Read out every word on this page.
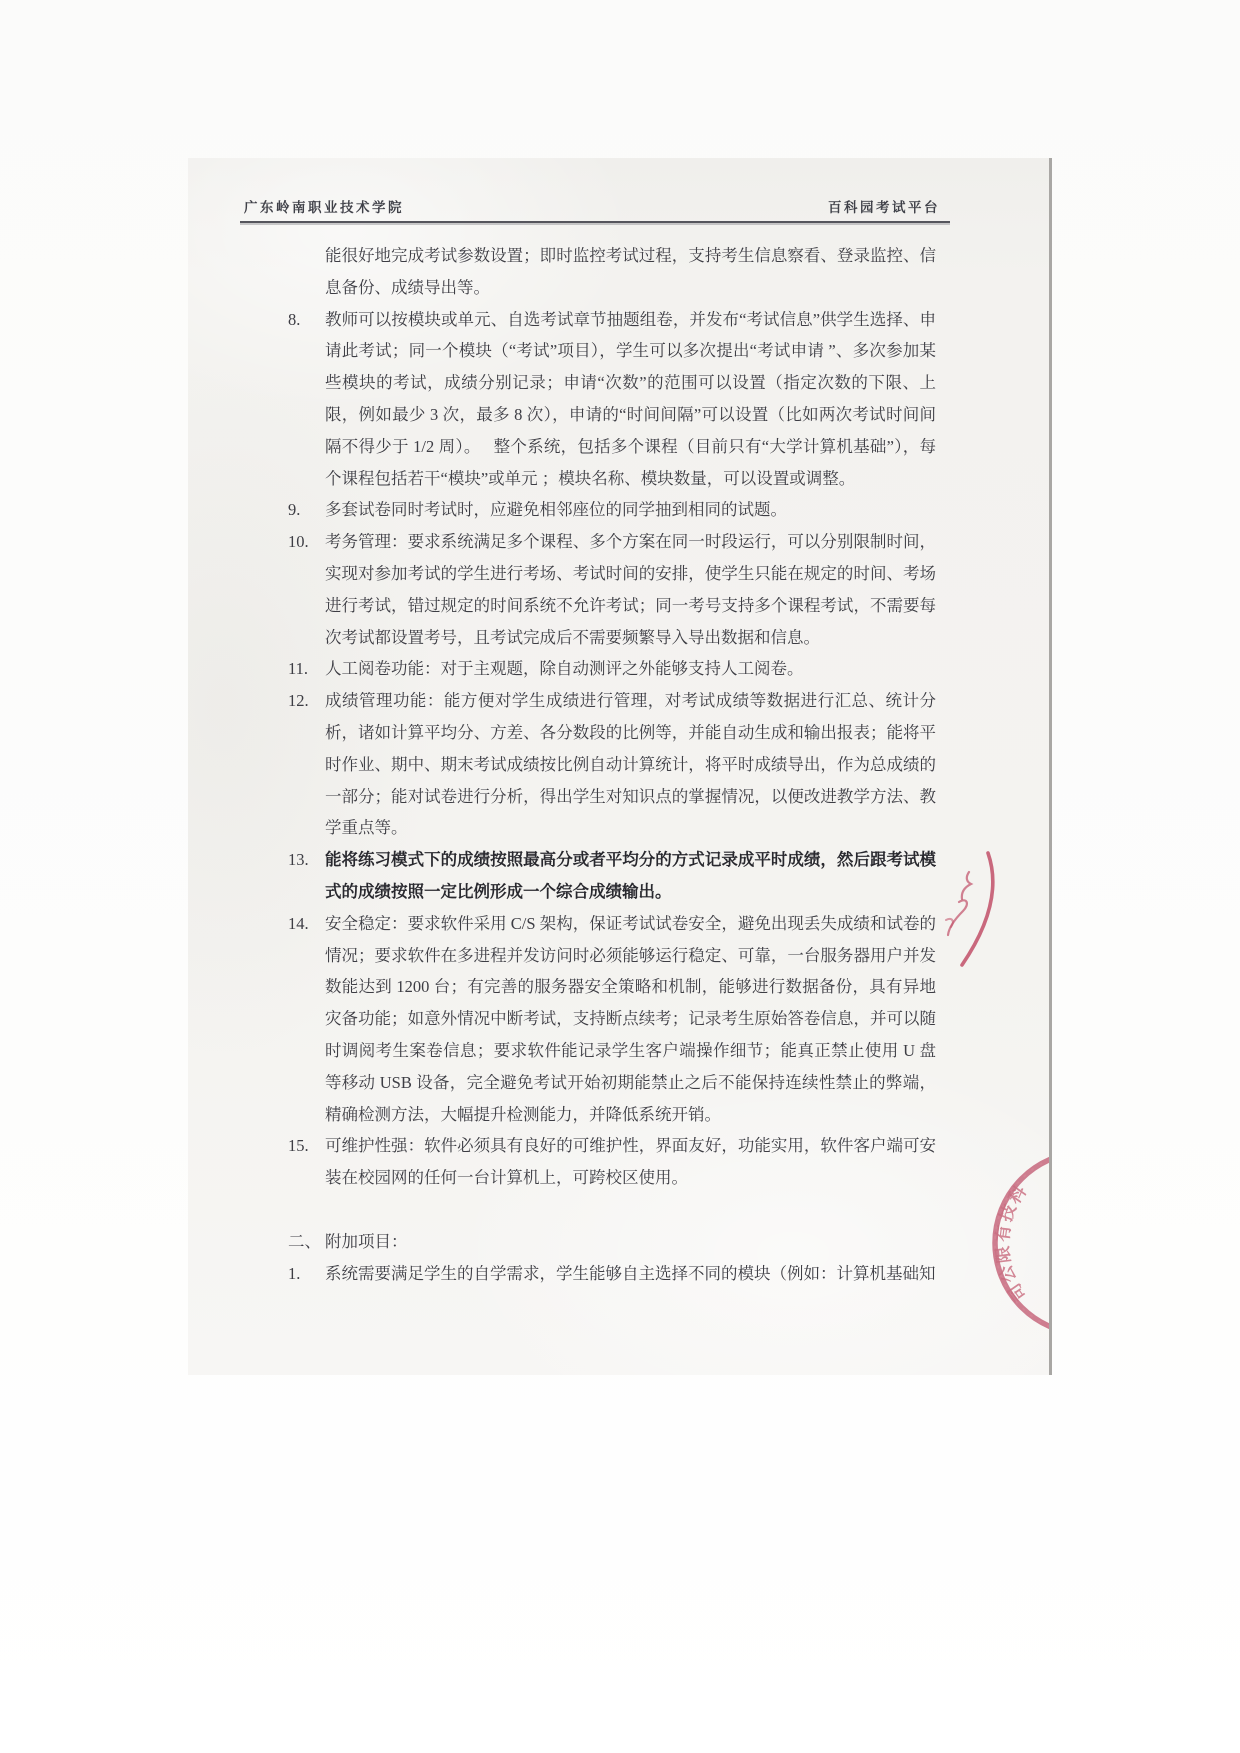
广东岭南职业技术学院	百科园考试平台
能很好地完成考试参数设置；即时监控考试过程，支持考生信息察看、登录监控、信息备份、成绩导出等。
8.	教师可以按模块或单元、自选考试章节抽题组卷，并发布“考试信息”供学生选择、申请此考试；同一个模块（“考试”项目），学生可以多次提出“考试申请 ”、多次参加某些模块的考试，成绩分别记录；申请“次数”的范围可以设置（指定次数的下限、上限，例如最少 3 次，最多 8 次），申请的“时间间隔”可以设置（比如两次考试时间间隔不得少于 1/2 周）。　 整个系统，包括多个课程（目前只有“大学计算机基础”），每个课程包括若干“模块”或单元 ；模块名称、模块数量，可以设置或调整。
9.	多套试卷同时考试时，应避免相邻座位的同学抽到相同的试题。
10. 考务管理：要求系统满足多个课程、多个方案在同一时段运行，可以分别限制时间，实现对参加考试的学生进行考场、考试时间的安排，使学生只能在规定的时间、考场进行考试，错过规定的时间系统不允许考试；同一考号支持多个课程考试，不需要每次考试都设置考号，且考试完成后不需要频繁导入导出数据和信息。
11.	人工阅卷功能：对于主观题，除自动测评之外能够支持人工阅卷。
12. 成绩管理功能：能方便对学生成绩进行管理，对考试成绩等数据进行汇总、统计分析，诸如计算平均分、方差、各分数段的比例等，并能自动生成和输出报表；能将平时作业、期中、期末考试成绩按比例自动计算统计，将平时成绩导出，作为总成绩的一部分；能对试卷进行分析，得出学生对知识点的掌握情况，以便改进教学方法、教学重点等。
13. 能将练习模式下的成绩按照最高分或者平均分的方式记录成平时成绩，然后跟考试模式的成绩按照一定比例形成一个综合成绩输出。
14. 安全稳定：要求软件采用 C/S 架构，保证考试试卷安全，避免出现丢失成绩和试卷的情况；要求软件在多进程并发访问时必须能够运行稳定、可靠，一台服务器用户并发数能达到 1200 台；有完善的服务器安全策略和机制，能够进行数据备份，具有异地灾备功能；如意外情况中断考试，支持断点续考；记录考生原始答卷信息，并可以随时调阅考生案卷信息；要求软件能记录学生客户端操作细节；能真正禁止使用 U 盘等移动 USB 设备，完全避免考试开始初期能禁止之后不能保持连续性禁止的弊端，精确检测方法，大幅提升检测能力，并降低系统开销。
15. 可维护性强：软件必须具有良好的可维护性，界面友好，功能实用，软件客户端可安装在校园网的任何一台计算机上，可跨校区使用。
二、 附加项目：
1.	系统需要满足学生的自学需求，学生能够自主选择不同的模块（例如：计算机基础知
科
技
有
限
公
司
